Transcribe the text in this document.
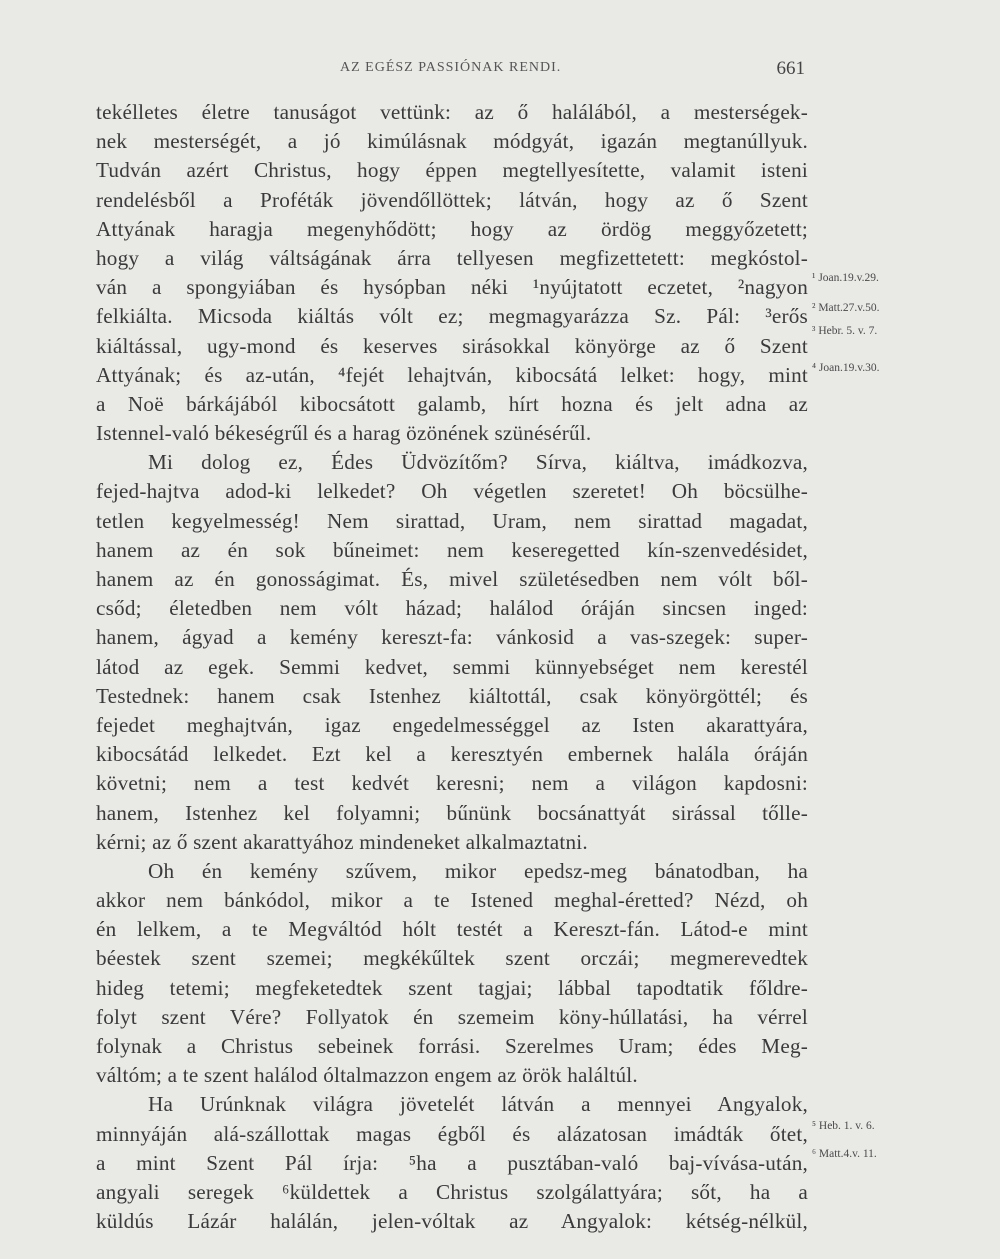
AZ EGÉSZ PASSIÓNAK RENDI.	661
tekélletes életre tanuságot vettünk: az ő halálából, a mesterségek-
nek mesterségét, a jó kimúlásnak módgyát, igazán megtanúllyuk.
Tudván azért Christus, hogy éppen megtellyesítette, valamit isteni
rendelésből a Proféták jövendőllöttek; látván, hogy az ő Szent
Attyának haragja megenyhődött; hogy az ördög meggyőzetett;
hogy a világ váltságának árra tellyesen megfizettetett: megkóstol-
ván a spongyiában és hysópban néki ¹nyújtatott eczetet, ²nagyon
felkiálta. Micsoda kiáltás vólt ez; megmagyarázza Sz. Pál: ³erős
kiáltással, ugy-mond és keserves sirásokkal könyörge az ő Szent
Attyának; és az-után, ⁴fejét lehajtván, kibocsátá lelket: hogy, mint
a Noë bárkájából kibocsátott galamb, hírt hozna és jelt adna az
Istennel-való békeségrűl és a harag özönének szünésérűl.
Mi dolog ez, Édes Üdvözítőm? Sírva, kiáltva, imádkozva,
fejed-hajtva adod-ki lelkedet? Oh végetlen szeretet! Oh böcsülhe-
tetlen kegyelmesség! Nem sirattad, Uram, nem sirattad magadat,
hanem az én sok bűneimet: nem keseregetted kín-szenvedésidet,
hanem az én gonosságimat. És, mivel születésedben nem vólt ből-
csőd; életedben nem vólt házad; halálod óráján sincsen inged:
hanem, ágyad a kemény kereszt-fa: vánkosid a vas-szegek: super-
látod az egek. Semmi kedvet, semmi künnyebséget nem kerestél
Testednek: hanem csak Istenhez kiáltottál, csak könyörgöttél; és
fejedet meghajtván, igaz engedelmességgel az Isten akarattyára,
kibocsátád lelkedet. Ezt kel a keresztyén embernek halála óráján
követni; nem a test kedvét keresni; nem a világon kapdosni:
hanem, Istenhez kel folyamni; bűnünk bocsánattyát sirással tőlle-
kérni; az ő szent akarattyához mindeneket alkalmaztatni.
Oh én kemény szűvem, mikor epedsz-meg bánatodban, ha
akkor nem bánkódol, mikor a te Istened meghal-éretted? Nézd, oh
én lelkem, a te Megváltód hólt testét a Kereszt-fán. Látod-e mint
béestek szent szemei; megkékűltek szent orczái; megmerevedtek
hideg tetemi; megfeketedtek szent tagjai; lábbal tapodtatik főldre-
folyt szent Vére? Follyatok én szemeim köny-húllatási, ha vérrel
folynak a Christus sebeinek forrási. Szerelmes Uram; édes Meg-
váltóm; a te szent halálod óltalmazzon engem az örök haláltúl.
Ha Urúnknak világra jövetelét látván a mennyei Angyalok,
minnyáján alá-szállottak magas égből és alázatosan imádták őtet,
a mint Szent Pál írja: ⁵ha a pusztában-való baj-vívása-után,
angyali seregek ⁶küldettek a Christus szolgálattyára; sőt, ha a
küldús Lázár halálán, jelen-vóltak az Angyalok: kétség-nélkül,
¹ Joan.19.v.29.
² Matt.27.v.50.
³ Hebr. 5. v. 7.
⁴ Joan.19.v.30.
⁵ Heb. 1. v. 6.
⁶ Matt.4.v. 11.
